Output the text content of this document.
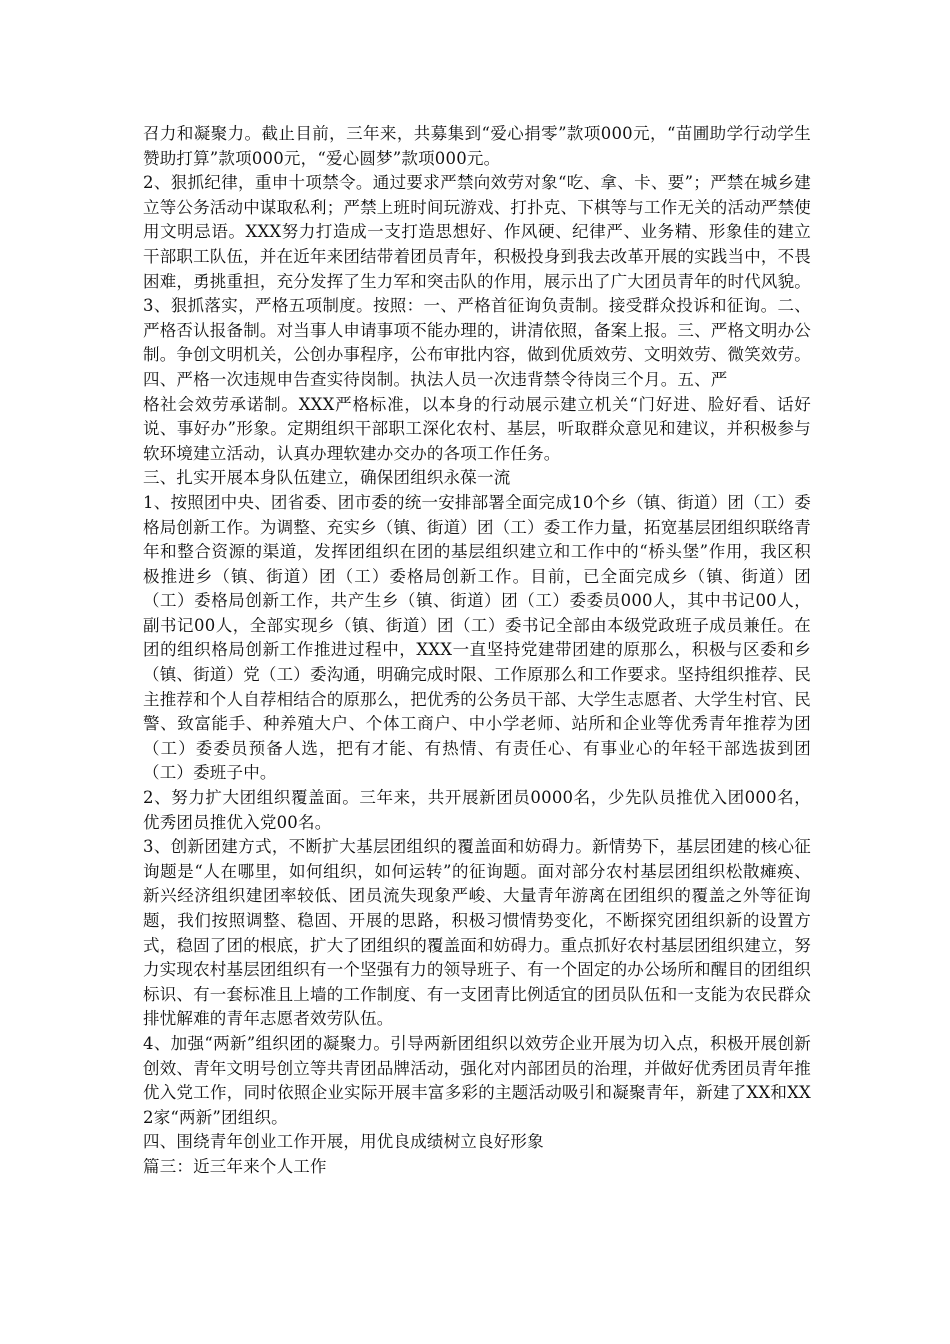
召力和凝聚力。截止目前，三年来，共募集到“爱心捐零”款项000元，“苗圃助学行动学生赞助打算”款项000元，“爱心圆梦”款项000元。

2、狠抓纪律，重申十项禁令。通过要求严禁向效劳对象“吃、拿、卡、要”；严禁在城乡建立等公务活动中谋取私利；严禁上班时间玩游戏、打扑克、下棋等与工作无关的活动严禁使用文明忌语。XXX努力打造成一支打造思想好、作风硬、纪律严、业务精、形象佳的建立干部职工队伍，并在近年来团结带着团员青年，积极投身到我去改革开展的实践当中，不畏困难，勇挑重担，充分发挥了生力军和突击队的作用，展示出了广大团员青年的时代风貌。

3、狠抓落实，严格五项制度。按照：一、严格首征询负责制。接受群众投诉和征询。二、严格否认报备制。对当事人申请事项不能办理的，讲清依照，备案上报。三、严格文明办公制。争创文明机关，公创办事程序，公布审批内容，做到优质效劳、文明效劳、微笑效劳。四、严格一次违规申告查实待岗制。执法人员一次违背禁令待岗三个月。五、严

格社会效劳承诺制。XXX严格标准，以本身的行动展示建立机关“门好进、脸好看、话好说、事好办”形象。定期组织干部职工深化农村、基层，听取群众意见和建议，并积极参与软环境建立活动，认真办理软建办交办的各项工作任务。

三、扎实开展本身队伍建立，确保团组织永葆一流

1、按照团中央、团省委、团市委的统一安排部署全面完成10个乡（镇、街道）团（工）委格局创新工作。为调整、充实乡（镇、街道）团（工）委工作力量，拓宽基层团组织联络青年和整合资源的渠道，发挥团组织在团的基层组织建立和工作中的“桥头堡”作用，我区积极推进乡（镇、街道）团（工）委格局创新工作。目前，已全面完成乡（镇、街道）团（工）委格局创新工作，共产生乡（镇、街道）团（工）委委员000人，其中书记00人，副书记00人，全部实现乡（镇、街道）团（工）委书记全部由本级党政班子成员兼任。在团的组织格局创新工作推进过程中，XXX一直坚持党建带团建的原那么，积极与区委和乡（镇、街道）党（工）委沟通，明确完成时限、工作原那么和工作要求。坚持组织推荐、民主推荐和个人自荐相结合的原那么，把优秀的公务员干部、大学生志愿者、大学生村官、民警、致富能手、种养殖大户、个体工商户、中小学老师、站所和企业等优秀青年推荐为团（工）委委员预备人选，把有才能、有热情、有责任心、有事业心的年轻干部选拔到团（工）委班子中。

2、努力扩大团组织覆盖面。三年来，共开展新团员0000名，少先队员推优入团000名，优秀团员推优入党00名。

3、创新团建方式，不断扩大基层团组织的覆盖面和妨碍力。新情势下，基层团建的核心征询题是“人在哪里，如何组织，如何运转”的征询题。面对部分农村基层团组织松散瘫痪、新兴经济组织建团率较低、团员流失现象严峻、大量青年游离在团组织的覆盖之外等征询题，我们按照调整、稳固、开展的思路，积极习惯情势变化，不断探究团组织新的设置方式，稳固了团的根底，扩大了团组织的覆盖面和妨碍力。重点抓好农村基层团组织建立，努力实现农村基层团组织有一个坚强有力的领导班子、有一个固定的办公场所和醒目的团组织标识、有一套标准且上墙的工作制度、有一支团青比例适宜的团员队伍和一支能为农民群众排忧解难的青年志愿者效劳队伍。

4、加强“两新”组织团的凝聚力。引导两新团组织以效劳企业开展为切入点，积极开展创新创效、青年文明号创立等共青团品牌活动，强化对内部团员的治理，并做好优秀团员青年推优入党工作，同时依照企业实际开展丰富多彩的主题活动吸引和凝聚青年，新建了XX和XX2家“两新”团组织。

四、围绕青年创业工作开展，用优良成绩树立良好形象

篇三：近三年来个人工作
